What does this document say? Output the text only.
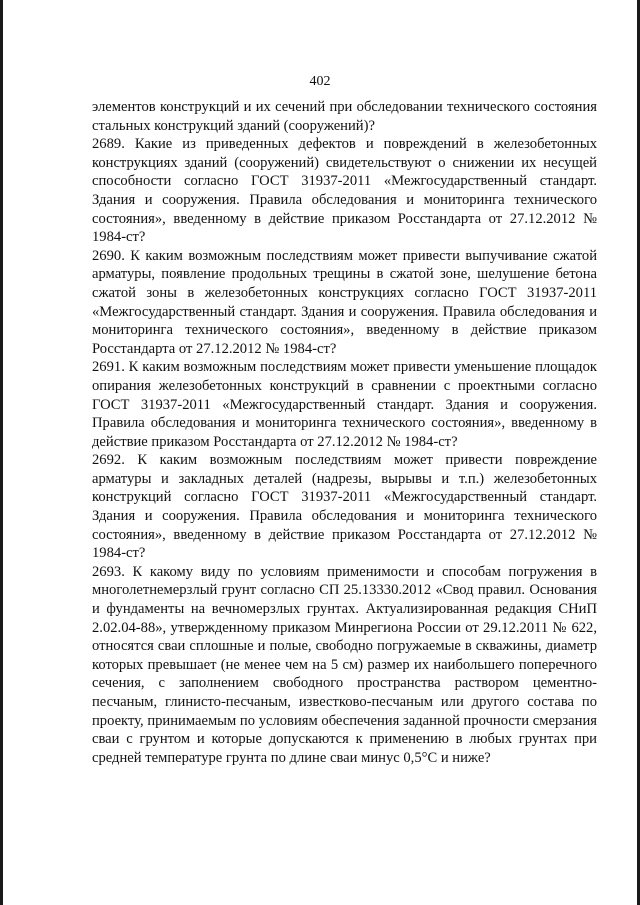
402

элементов конструкций и их сечений при обследовании технического состояния стальных конструкций зданий (сооружений)?

2689. Какие из приведенных дефектов и повреждений в железобетонных конструкциях зданий (сооружений) свидетельствуют о снижении их несущей способности согласно ГОСТ 31937-2011 «Межгосударственный стандарт. Здания и сооружения. Правила обследования и мониторинга технического состояния», введенному в действие приказом Росстандарта от 27.12.2012 № 1984-ст?

2690. К каким возможным последствиям может привести выпучивание сжатой арматуры, появление продольных трещины в сжатой зоне, шелушение бетона сжатой зоны в железобетонных конструкциях согласно ГОСТ 31937-2011 «Межгосударственный стандарт. Здания и сооружения. Правила обследования и мониторинга технического состояния», введенному в действие приказом Росстандарта от 27.12.2012 № 1984-ст?

2691. К каким возможным последствиям может привести уменьшение площадок опирания железобетонных конструкций в сравнении с проектными согласно ГОСТ 31937-2011 «Межгосударственный стандарт. Здания и сооружения. Правила обследования и мониторинга технического состояния», введенному в действие приказом Росстандарта от 27.12.2012 № 1984-ст?

2692. К каким возможным последствиям может привести повреждение арматуры и закладных деталей (надрезы, вырывы и т.п.) железобетонных конструкций согласно ГОСТ 31937-2011 «Межгосударственный стандарт. Здания и сооружения. Правила обследования и мониторинга технического состояния», введенному в действие приказом Росстандарта от 27.12.2012 № 1984-ст?

2693. К какому виду по условиям применимости и способам погружения в многолетнемерзлый грунт согласно СП 25.13330.2012 «Свод правил. Основания и фундаменты на вечномерзлых грунтах. Актуализированная редакция СНиП 2.02.04-88», утвержденному приказом Минрегиона России от 29.12.2011 № 622, относятся сваи сплошные и полые, свободно погружаемые в скважины, диаметр которых превышает (не менее чем на 5 см) размер их наибольшего поперечного сечения, с заполнением свободного пространства раствором цементно-песчаным, глинисто-песчаным, известково-песчаным или другого состава по проекту, принимаемым по условиям обеспечения заданной прочности смерзания сваи с грунтом и которые допускаются к применению в любых грунтах при средней температуре грунта по длине сваи минус 0,5°С и ниже?
